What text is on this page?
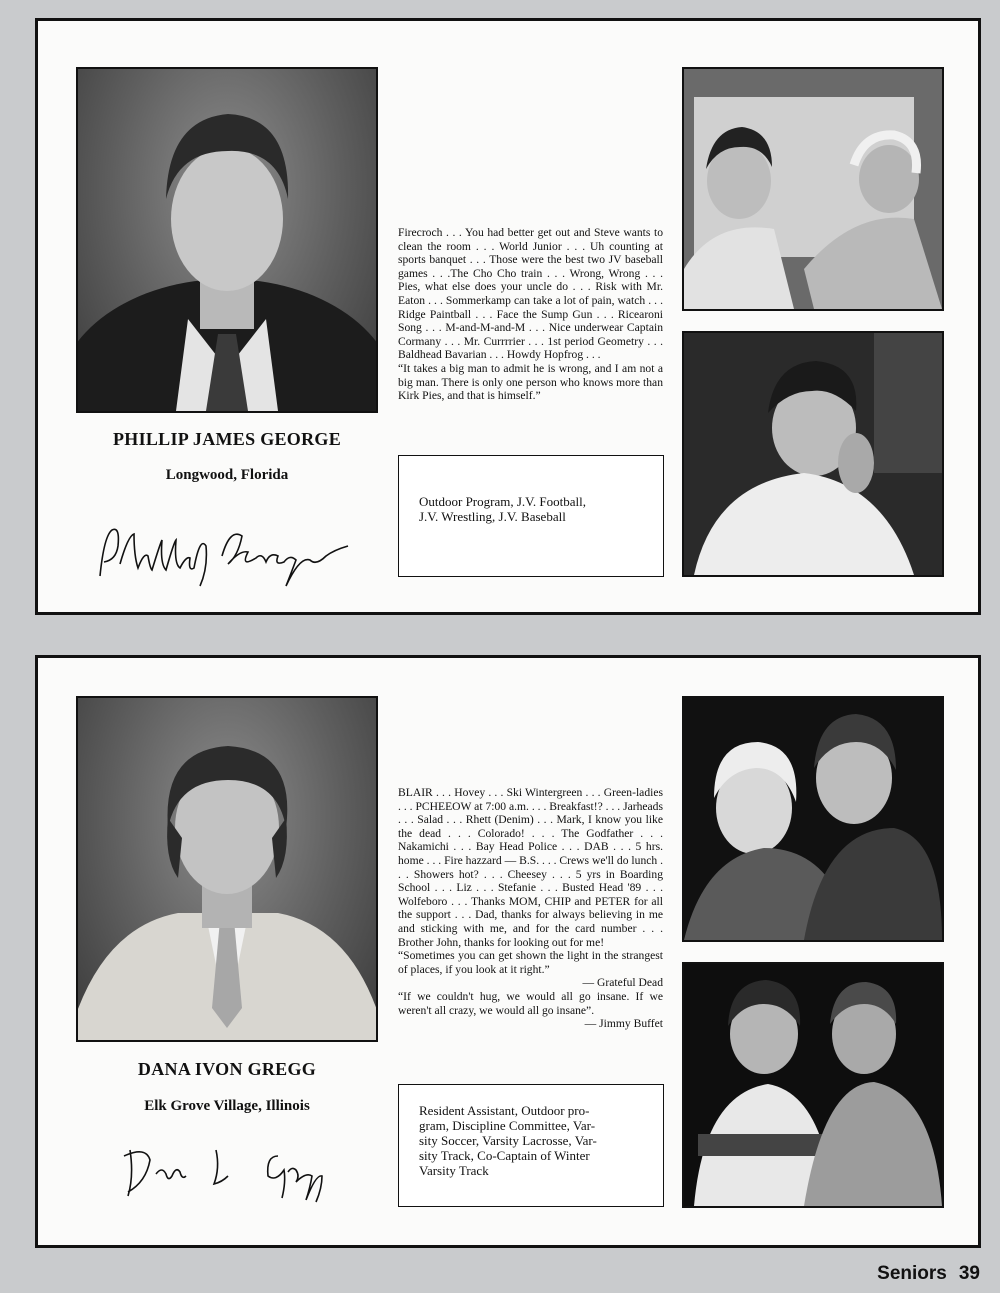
PHILLIP JAMES GEORGE
Longwood, Florida

Firecroch . . . You had better get out and Steve wants to clean the room . . . World Junior . . . Uh counting at sports banquet . . . Those were the best two JV baseball games . . .The Cho Cho train . . . Wrong, Wrong . . . Pies, what else does your uncle do . . . Risk with Mr. Eaton . . . Sommerkamp can take a lot of pain, watch . . . Ridge Paintball . . . Face the Sump Gun . . . Ricearoni Song . . . M-and-M-and-M . . . Nice underwear Captain Cormany . . . Mr. Currrrier . . . 1st period Geometry . . . Baldhead Bavarian . . . Howdy Hopfrog . . .

“It takes a big man to admit he is wrong, and I am not a big man. There is only one person who knows more than Kirk Pies, and that is himself.”

Outdoor Program, J.V. Football,
J.V. Wrestling, J.V. Baseball
DANA IVON GREGG
Elk Grove Village, Illinois

BLAIR . . . Hovey . . . Ski Wintergreen . . . Green-ladies . . . PCHEEOW at 7:00 a.m. . . . Breakfast!? . . . Jarheads . . . Salad . . . Rhett (Denim) . . . Mark, I know you like the dead . . . Colorado! . . . The Godfather . . . Nakamichi . . . Bay Head Police . . . DAB . . . 5 hrs. home . . . Fire hazzard — B.S. . . . Crews we'll do lunch . . . Showers hot? . . . Cheesey . . . 5 yrs in Boarding School . . . Liz . . . Stefanie . . . Busted Head '89 . . . Wolfeboro . . . Thanks MOM, CHIP and PETER for all the support . . . Dad, thanks for always believing in me and sticking with me, and for the card number . . . Brother John, thanks for looking out for me!

“Sometimes you can get shown the light in the strangest of places, if you look at it right.”

— Grateful Dead

“If we couldn't hug, we would all go insane. If we weren't all crazy, we would all go insane”.

— Jimmy Buffet

Resident Assistant, Outdoor pro-
gram, Discipline Committee, Var-
sity Soccer, Varsity Lacrosse, Var-
sity Track, Co-Captain of Winter
Varsity Track
Seniors 39
